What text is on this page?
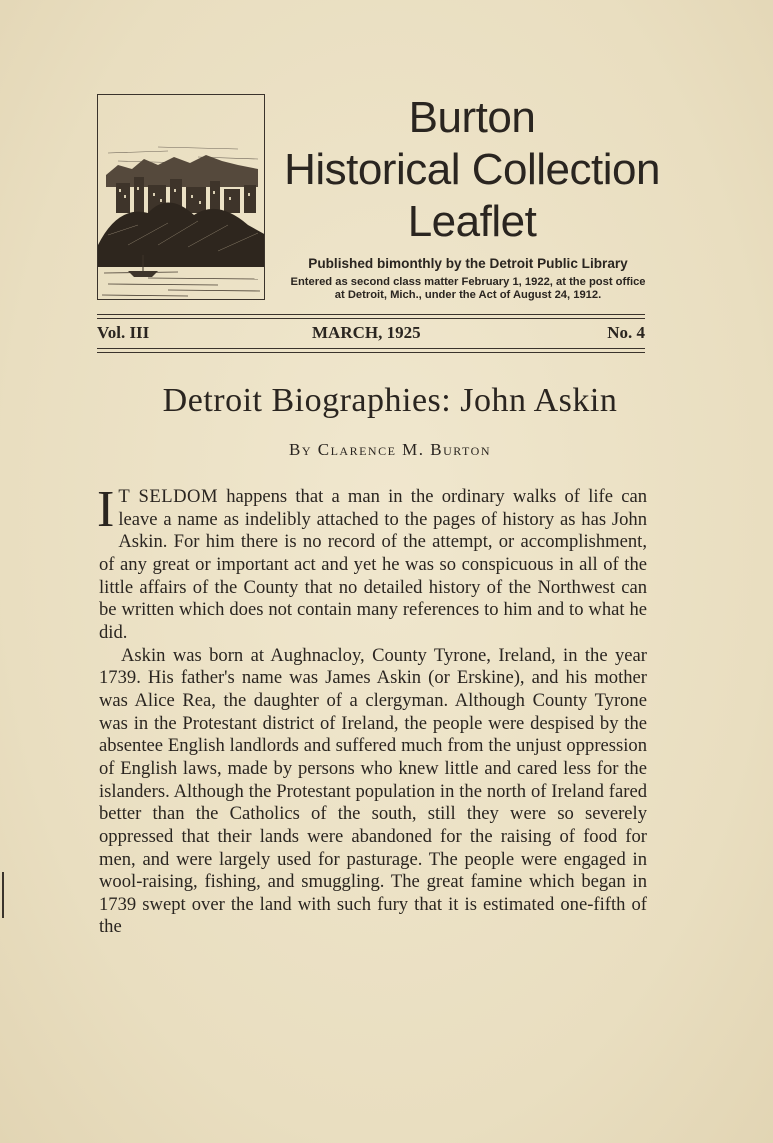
Burton
Historical Collection
Leaflet
Published bimonthly by the Detroit Public Library
Entered as second class matter February 1, 1922, at the post office
at Detroit, Mich., under the Act of August 24, 1912.
Vol. III	MARCH, 1925	No. 4
Detroit Biographies: John Askin
By Clarence M. Burton

I T SELDOM happens that a man in the ordinary walks of life can leave a name as indelibly attached to the pages of history as has John Askin. For him there is no record of the attempt, or accomplishment, of any great or important act and yet he was so conspicuous in all of the little affairs of the County that no detailed history of the Northwest can be written which does not contain many references to him and to what he did.

Askin was born at Aughnacloy, County Tyrone, Ireland, in the year 1739. His father's name was James Askin (or Erskine), and his mother was Alice Rea, the daughter of a clergyman. Although County Tyrone was in the Protestant district of Ireland, the people were despised by the absentee English landlords and suffered much from the unjust oppression of English laws, made by persons who knew little and cared less for the islanders. Although the Protestant population in the north of Ireland fared better than the Catholics of the south, still they were so severely oppressed that their lands were abandoned for the raising of food for men, and were largely used for pasturage. The people were engaged in wool-raising, fishing, and smuggling. The great famine which began in 1739 swept over the land with such fury that it is estimated one-fifth of the
